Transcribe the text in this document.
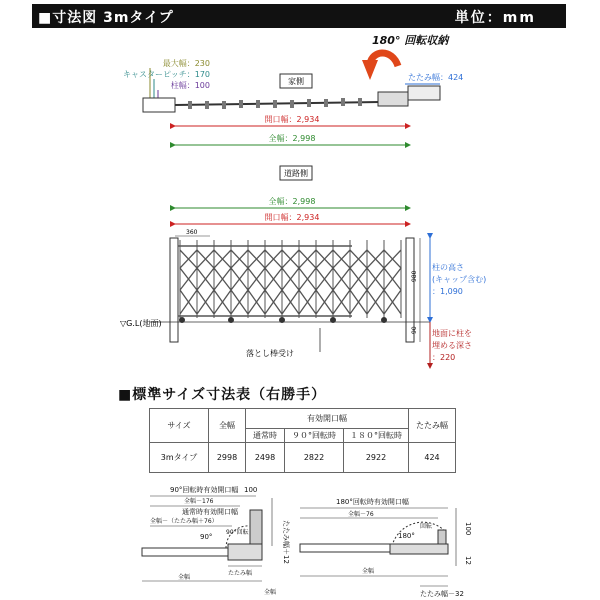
■寸法図 3mタイプ	単位：mm
180° 回転収納
最大幅：230
キャスターピッチ：170
柱幅：100	家側	たたみ幅：424
開口幅：2,934
全幅：2,998
道路側
全幅：2,998
開口幅：2,934
360
▽G.L(地面)
落とし棒受け
980
90
柱の高さ
(キャップ含む)
：1,090
地面に柱を
埋める深さ
：220
90°回転時有効開口幅 100
全幅－176
通常時有効開口幅
全幅－（たたみ幅＋76）
90°回転
90°	たたみ幅＋12
たたみ幅
全幅
全幅
180°回転時有効開口幅
全幅－76
回転
180°
100
12
全幅
たたみ幅－32
■標準サイズ寸法表（右勝手）
サイズ	全幅	有効開口幅			たたみ幅
		通常時	９０°回転時	１８０°回転時	
3mタイプ	2998	2498	2822	2922	424
